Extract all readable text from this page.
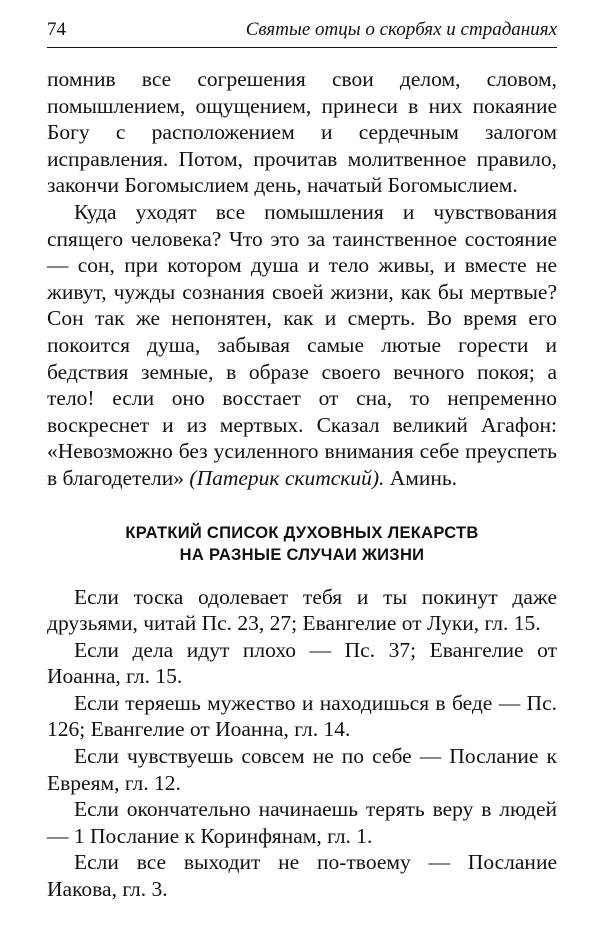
74	Святые отцы о скорбях и страданиях

помнив все согрешения свои делом, словом, помышлением, ощущением, принеси в них покаяние Богу с расположением и сердечным залогом исправления. Потом, прочитав молитвенное правило, закончи Богомыслием день, начатый Богомыслием.

Куда уходят все помышления и чувствования спящего человека? Что это за таинственное состояние — сон, при котором душа и тело живы, и вместе не живут, чужды сознания своей жизни, как бы мертвые? Сон так же непонятен, как и смерть. Во время его покоится душа, забывая самые лютые горести и бедствия земные, в образе своего вечного покоя; а тело! если оно восстает от сна, то непременно воскреснет и из мертвых. Сказал великий Агафон: «Невозможно без усиленного внимания себе преуспеть в благодетели» (Патерик скитский). Аминь.

КРАТКИЙ СПИСОК ДУХОВНЫХ ЛЕКАРСТВ
НА РАЗНЫЕ СЛУЧАИ ЖИЗНИ

Если тоска одолевает тебя и ты покинут даже друзьями, читай Пс. 23, 27; Евангелие от Луки, гл. 15.

Если дела идут плохо — Пс. 37; Евангелие от Иоанна, гл. 15.

Если теряешь мужество и находишься в беде — Пс. 126; Евангелие от Иоанна, гл. 14.

Если чувствуешь совсем не по себе — Послание к Евреям, гл. 12.

Если окончательно начинаешь терять веру в людей — 1 Послание к Коринфянам, гл. 1.

Если все выходит не по-твоему — Послание Иакова, гл. 3.
